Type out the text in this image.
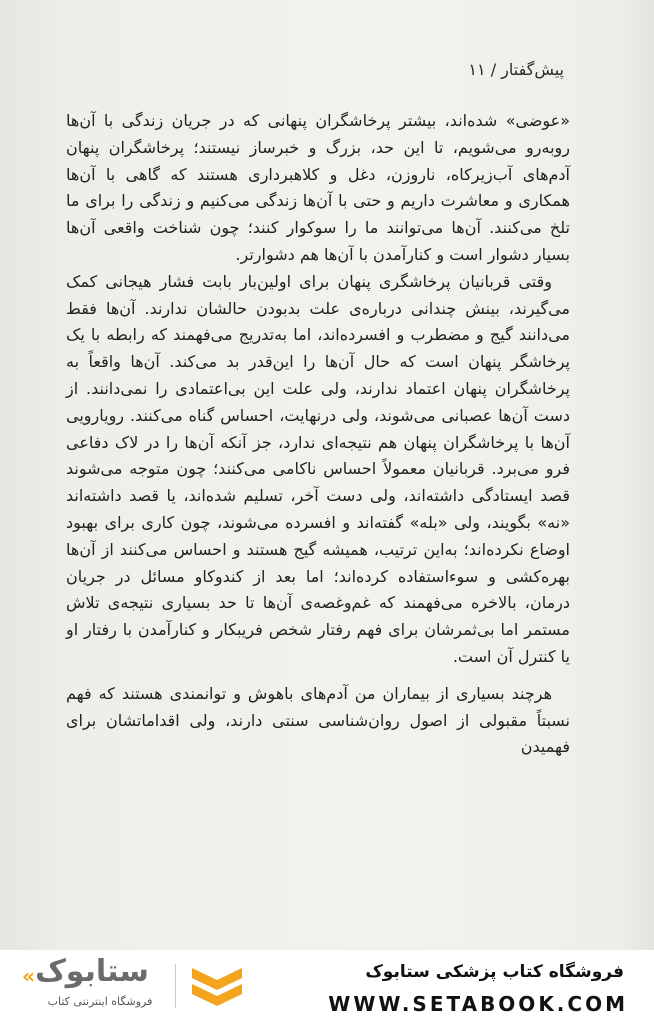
پیش‌گفتار / ۱۱

«عوضی» شده‌اند، بیشتر پرخاشگران پنهانی که در جریان زندگی با آن‌ها روبه‌رو می‌شویم، تا این حد، بزرگ و خبرساز نیستند؛ پرخاشگران پنهان آدم‌های آب‌زیرکاه، ناروزن، دغل و کلاهبرداری هستند که گاهی با آن‌ها همکاری و معاشرت داریم و حتی با آن‌ها زندگی می‌کنیم و زندگی را برای ما تلخ می‌کنند. آن‌ها می‌توانند ما را سوکوار کنند؛ چون شناخت واقعی آن‌ها بسیار دشوار است و کنارآمدن با آن‌ها هم دشوارتر.

وقتی قربانیان پرخاشگری پنهان برای اولین‌بار بابت فشار هیجانی کمک می‌گیرند، بینش چندانی درباره‌ی علت بدبودن حالشان ندارند. آن‌ها فقط می‌دانند گیج و مضطرب و افسرده‌اند، اما به‌تدریج می‌فهمند که رابطه با یک پرخاشگر پنهان است که حال آن‌ها را این‌قدر بد می‌کند. آن‌ها واقعاً به پرخاشگران پنهان اعتماد ندارند، ولی علت این بی‌اعتمادی را نمی‌دانند. از دست آن‌ها عصبانی می‌شوند، ولی درنهایت، احساس گناه می‌کنند. رویارویی آن‌ها با پرخاشگران پنهان هم نتیجه‌ای ندارد، جز آنکه آن‌ها را در لاک دفاعی فرو می‌برد. قربانیان معمولاً احساس ناکامی می‌کنند؛ چون متوجه می‌شوند قصد ایستادگی داشته‌اند، ولی دست آخر، تسلیم شده‌اند، یا قصد داشته‌اند «نه» بگویند، ولی «بله» گفته‌اند و افسرده می‌شوند، چون کاری برای بهبود اوضاع نکرده‌اند؛ به‌این ترتیب، همیشه گیج هستند و احساس می‌کنند از آن‌ها بهره‌کشی و سوءاستفاده کرده‌اند؛ اما بعد از کندوکاو مسائل در جریان درمان، بالاخره می‌فهمند که غم‌وغصه‌ی آن‌ها تا حد بسیاری نتیجه‌ی تلاش مستمر اما بی‌ثمرشان برای فهم رفتار شخص فریبکار و کنارآمدن با رفتار او یا کنترل آن است.

هرچند بسیاری از بیماران من آدم‌های باهوش و توانمندی هستند که فهم نسبتاً مقبولی از اصول روان‌شناسی سنتی دارند، ولی اقداماتشان برای فهمیدن

فروشگاه کتاب پزشکی ستابوک
WWW.SETABOOK.COM
« ستابوک
فروشگاه اینترنتی کتاب
